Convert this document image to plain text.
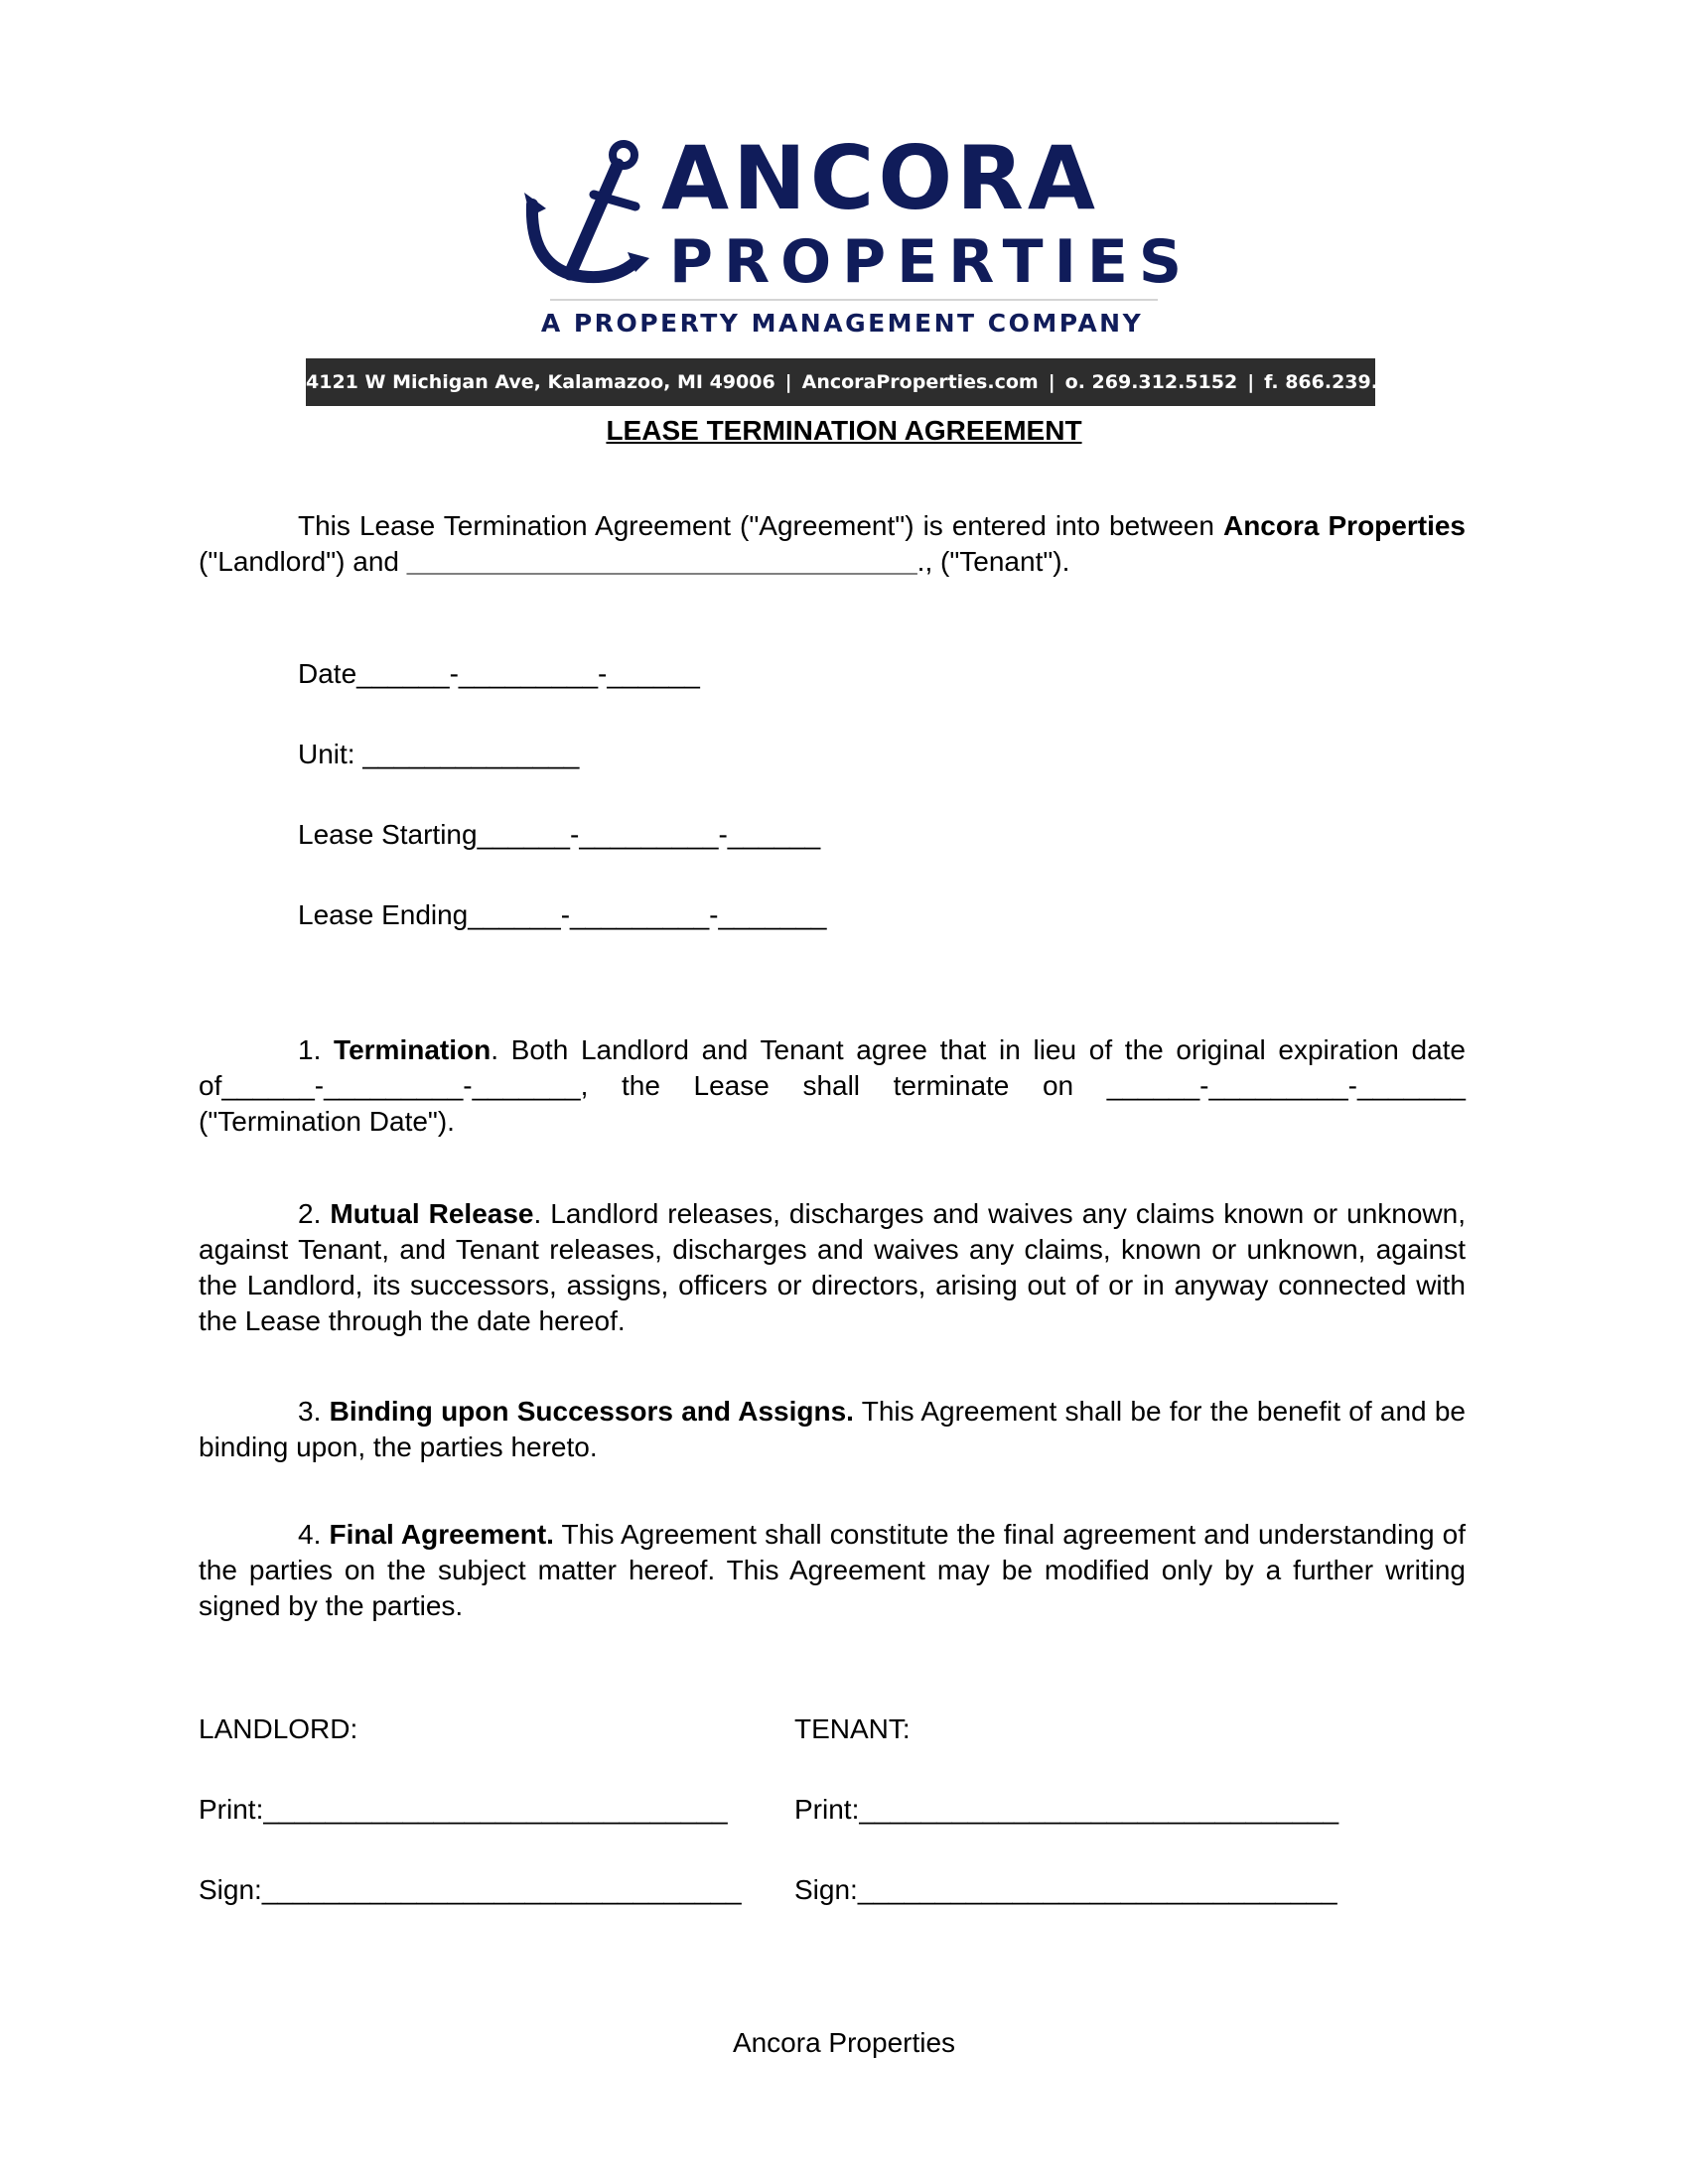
ANCORA
PROPERTIES
A PROPERTY MANAGEMENT COMPANY
4121 W Michigan Ave, Kalamazoo, MI 49006 | AncoraProperties.com | o. 269.312.5152 | f. 866.239.6351
LEASE TERMINATION AGREEMENT
This Lease Termination Agreement ("Agreement") is entered into between Ancora Properties ("Landlord") and _________________________________., ("Tenant").
Date______-_________-______
Unit: ______________
Lease Starting______-_________-______
Lease Ending______-_________-_______
1. Termination. Both Landlord and Tenant agree that in lieu of the original expiration date of______-_________-_______, the Lease shall terminate on ______-_________-_______ ("Termination Date").
2. Mutual Release. Landlord releases, discharges and waives any claims known or unknown, against Tenant, and Tenant releases, discharges and waives any claims, known or unknown, against the Landlord, its successors, assigns, officers or directors, arising out of or in anyway connected with the Lease through the date hereof.
3. Binding upon Successors and Assigns. This Agreement shall be for the benefit of and be binding upon, the parties hereto.
4. Final Agreement. This Agreement shall constitute the final agreement and understanding of the parties on the subject matter hereof. This Agreement may be modified only by a further writing signed by the parties.
LANDLORD:	TENANT:
Print:______________________________ Print:_______________________________
Sign:_______________________________ Sign:_______________________________
Ancora Properties
